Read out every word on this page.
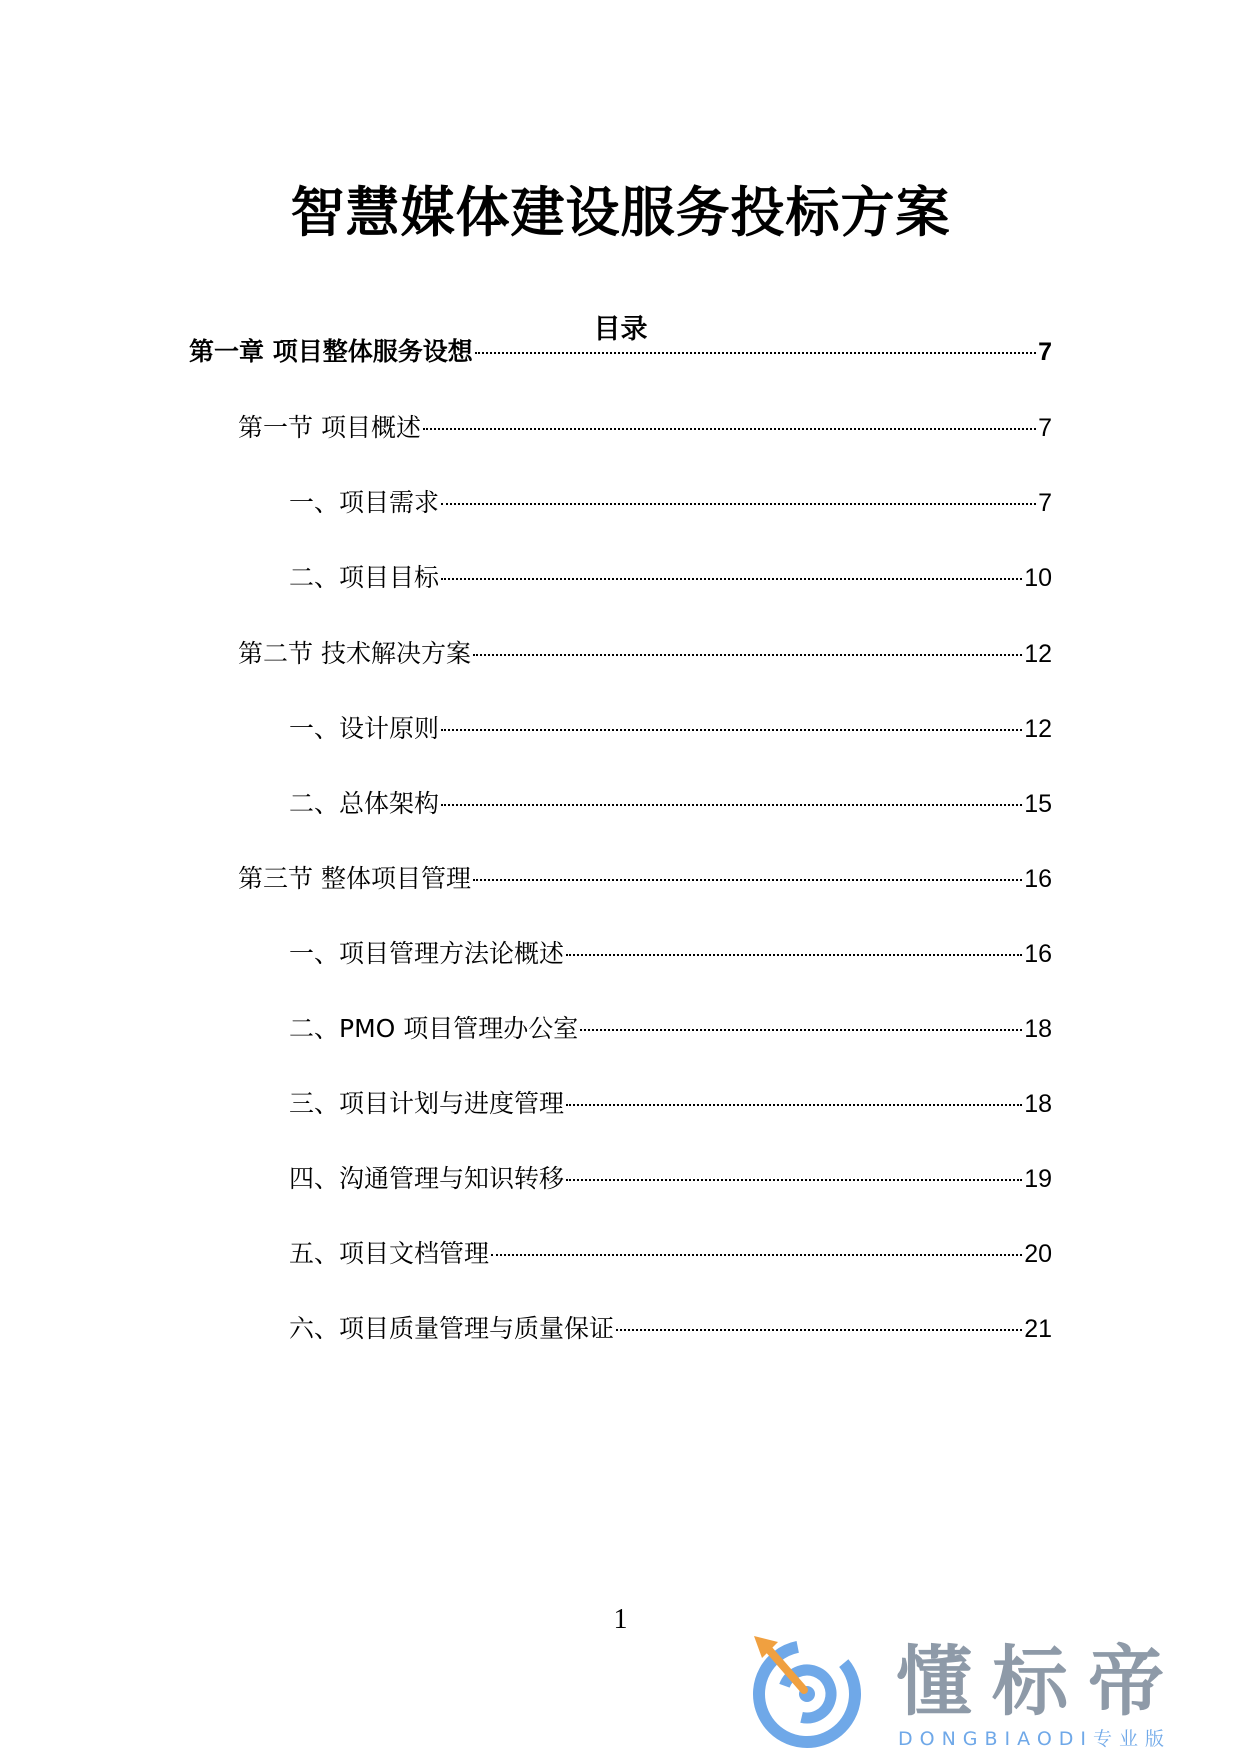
智慧媒体建设服务投标方案
目录
第一章 项目整体服务设想	7
第一节 项目概述	7
一、项目需求	7
二、项目目标	10
第二节 技术解决方案	12
一、设计原则	12
二、总体架构	15
第三节 整体项目管理	16
一、项目管理方法论概述	16
二、PMO 项目管理办公室	18
三、项目计划与进度管理	18
四、沟通管理与知识转移	19
五、项目文档管理	20
六、项目质量管理与质量保证	21
1
懂标帝
DONGBIAODI专业版
